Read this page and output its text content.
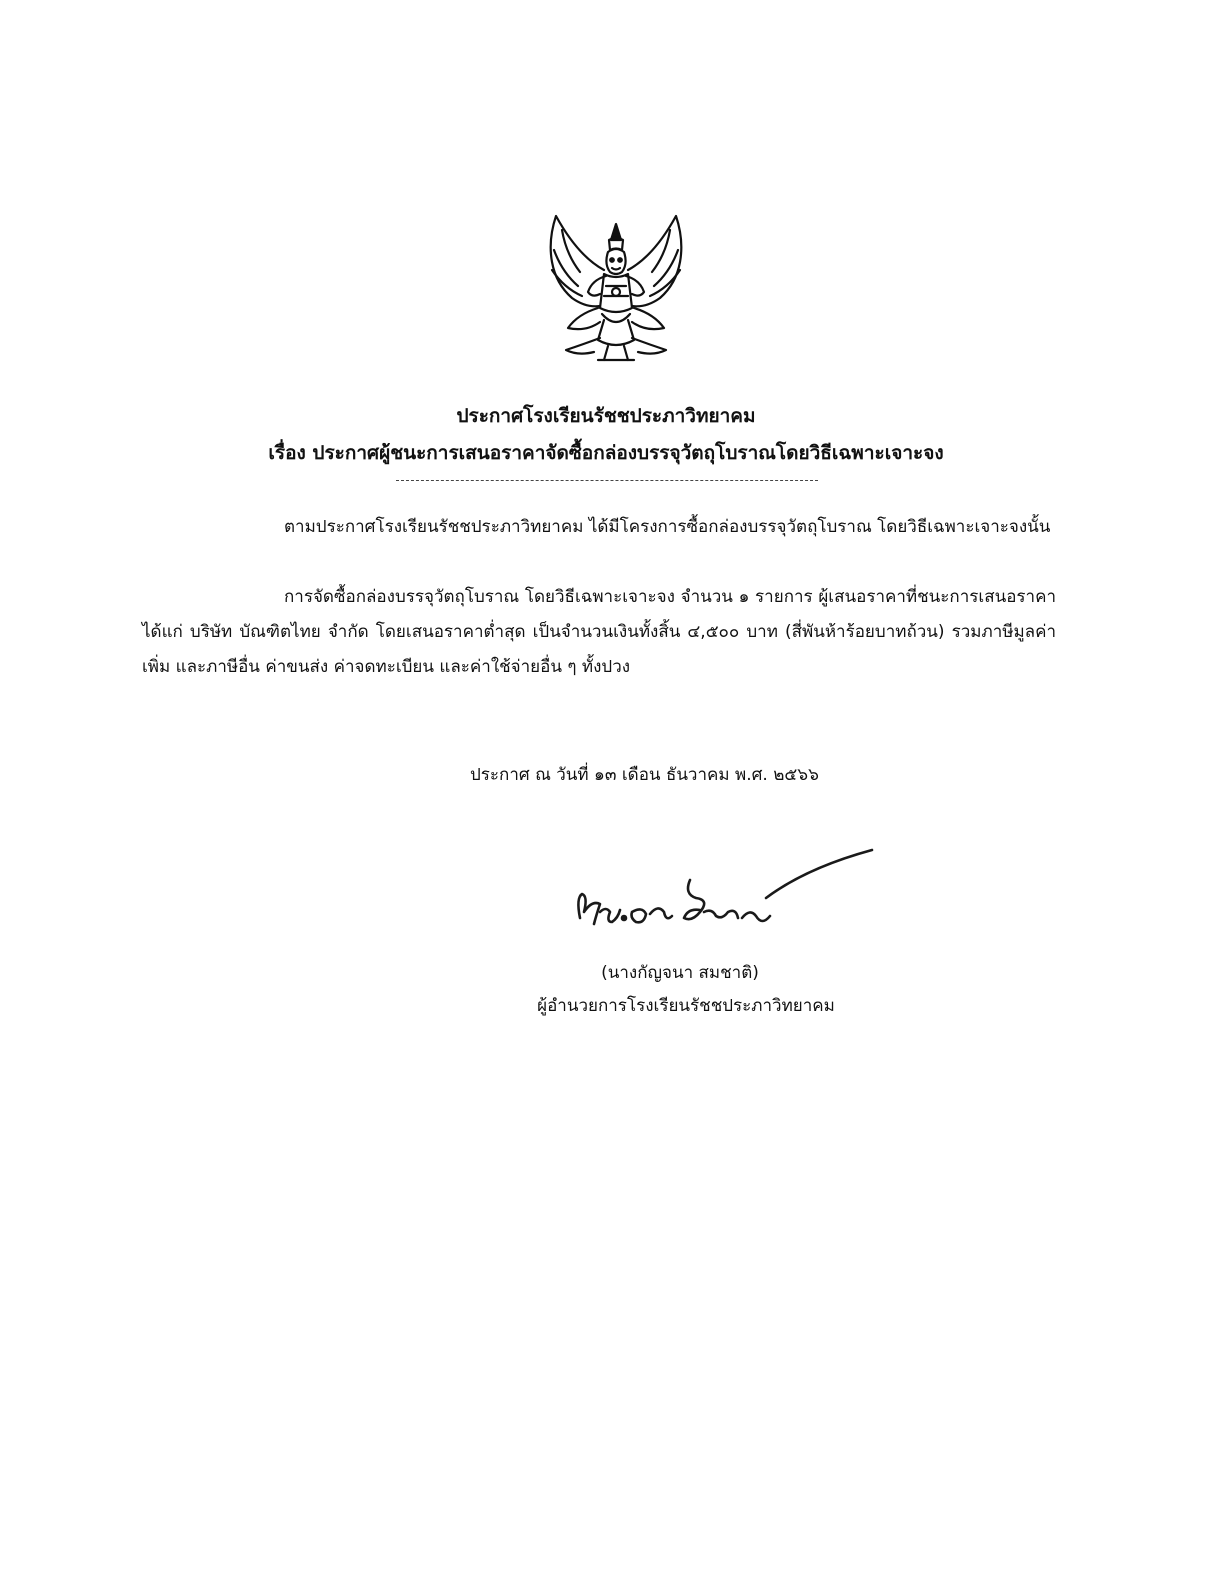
ประกาศโรงเรียนรัชชประภาวิทยาคม
เรื่อง ประกาศผู้ชนะการเสนอราคาจัดซื้อกล่องบรรจุวัตถุโบราณโดยวิธีเฉพาะเจาะจง
ตามประกาศโรงเรียนรัชชประภาวิทยาคม ได้มีโครงการซื้อกล่องบรรจุวัตถุโบราณ โดยวิธีเฉพาะเจาะจงนั้น
การจัดซื้อกล่องบรรจุวัตถุโบราณ โดยวิธีเฉพาะเจาะจง จำนวน ๑ รายการ ผู้เสนอราคาที่ชนะการเสนอราคา ได้แก่ บริษัท บัณฑิตไทย จำกัด โดยเสนอราคาต่ำสุด เป็นจำนวนเงินทั้งสิ้น ๔,๕๐๐ บาท (สี่พันห้าร้อยบาทถ้วน) รวมภาษีมูลค่าเพิ่ม และภาษีอื่น ค่าขนส่ง ค่าจดทะเบียน และค่าใช้จ่ายอื่น ๆ ทั้งปวง
ประกาศ ณ วันที่ ๑๓ เดือน ธันวาคม พ.ศ. ๒๕๖๖
(นางกัญจนา สมชาติ)
ผู้อำนวยการโรงเรียนรัชชประภาวิทยาคม
